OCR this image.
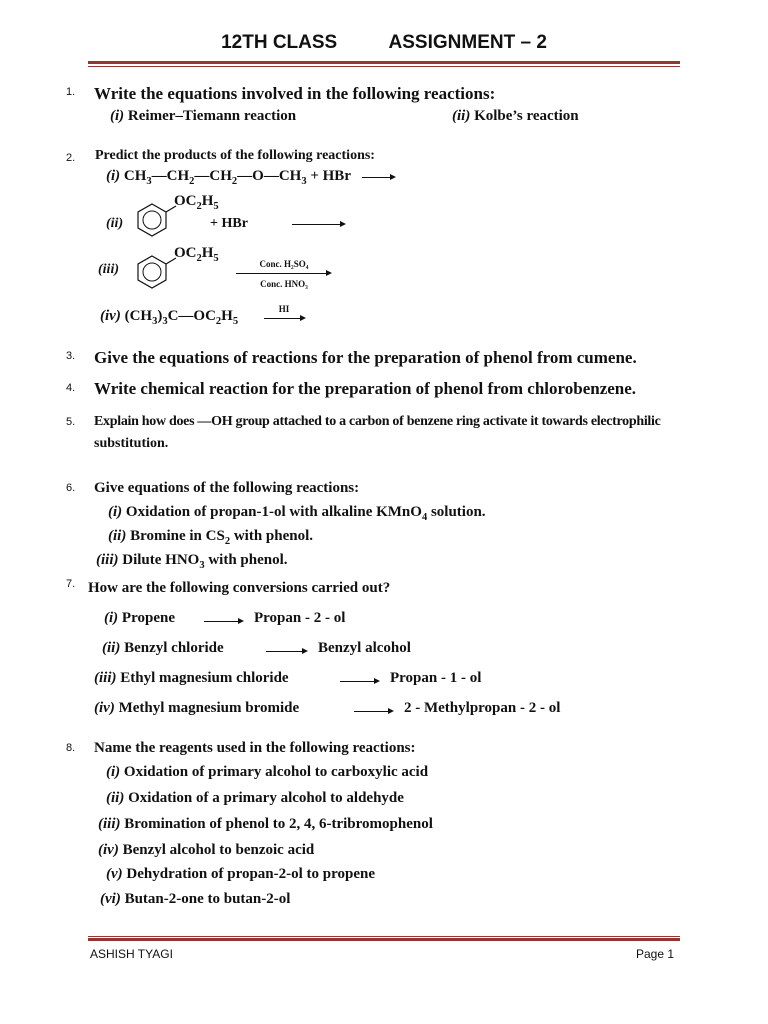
12TH CLASS	ASSIGNMENT – 2
1. Write the equations involved in the following reactions:
(i) Reimer–Tiemann reaction	(ii) Kolbe’s reaction
2. Predict the products of the following reactions:
(i) $CH_3—CH_2—CH_2—O—CH_3$ + HBr
(ii)
$OC_2H_5$
+ HBr
(iii)
$OC_2H_5$	Conc. H₂SO₄
Conc. HNO₃
(iv) $(CH_3)_3C—OC_2H_5$
HI
3. Give the equations of reactions for the preparation of phenol from cumene.
4. Write chemical reaction for the preparation of phenol from chlorobenzene.
5. Explain how does —OH group attached to a carbon of benzene ring activate it towards electrophilic
substitution.
6. Give equations of the following reactions:
(i) Oxidation of propan-1-ol with alkaline KMnO$_4$ solution.
(ii) Bromine in $CS_2$ with phenol.
(iii) Dilute $HNO_3$ with phenol.
7. How are the following conversions carried out?
(i) Propene	Propan - 2 - ol
(ii) Benzyl chloride	Benzyl alcohol
(iii) Ethyl magnesium chloride	Propan - 1 - ol
(iv) Methyl magnesium bromide	2 - Methylpropan - 2 - ol
8. Name the reagents used in the following reactions:
(i) Oxidation of primary alcohol to carboxylic acid
(ii) Oxidation of a primary alcohol to aldehyde
(iii) Bromination of phenol to 2, 4, 6-tribromophenol
(iv) Benzyl alcohol to benzoic acid
(v) Dehydration of propan-2-ol to propene
(vi) Butan-2-one to butan-2-ol
ASHISH TYAGI	Page 1
